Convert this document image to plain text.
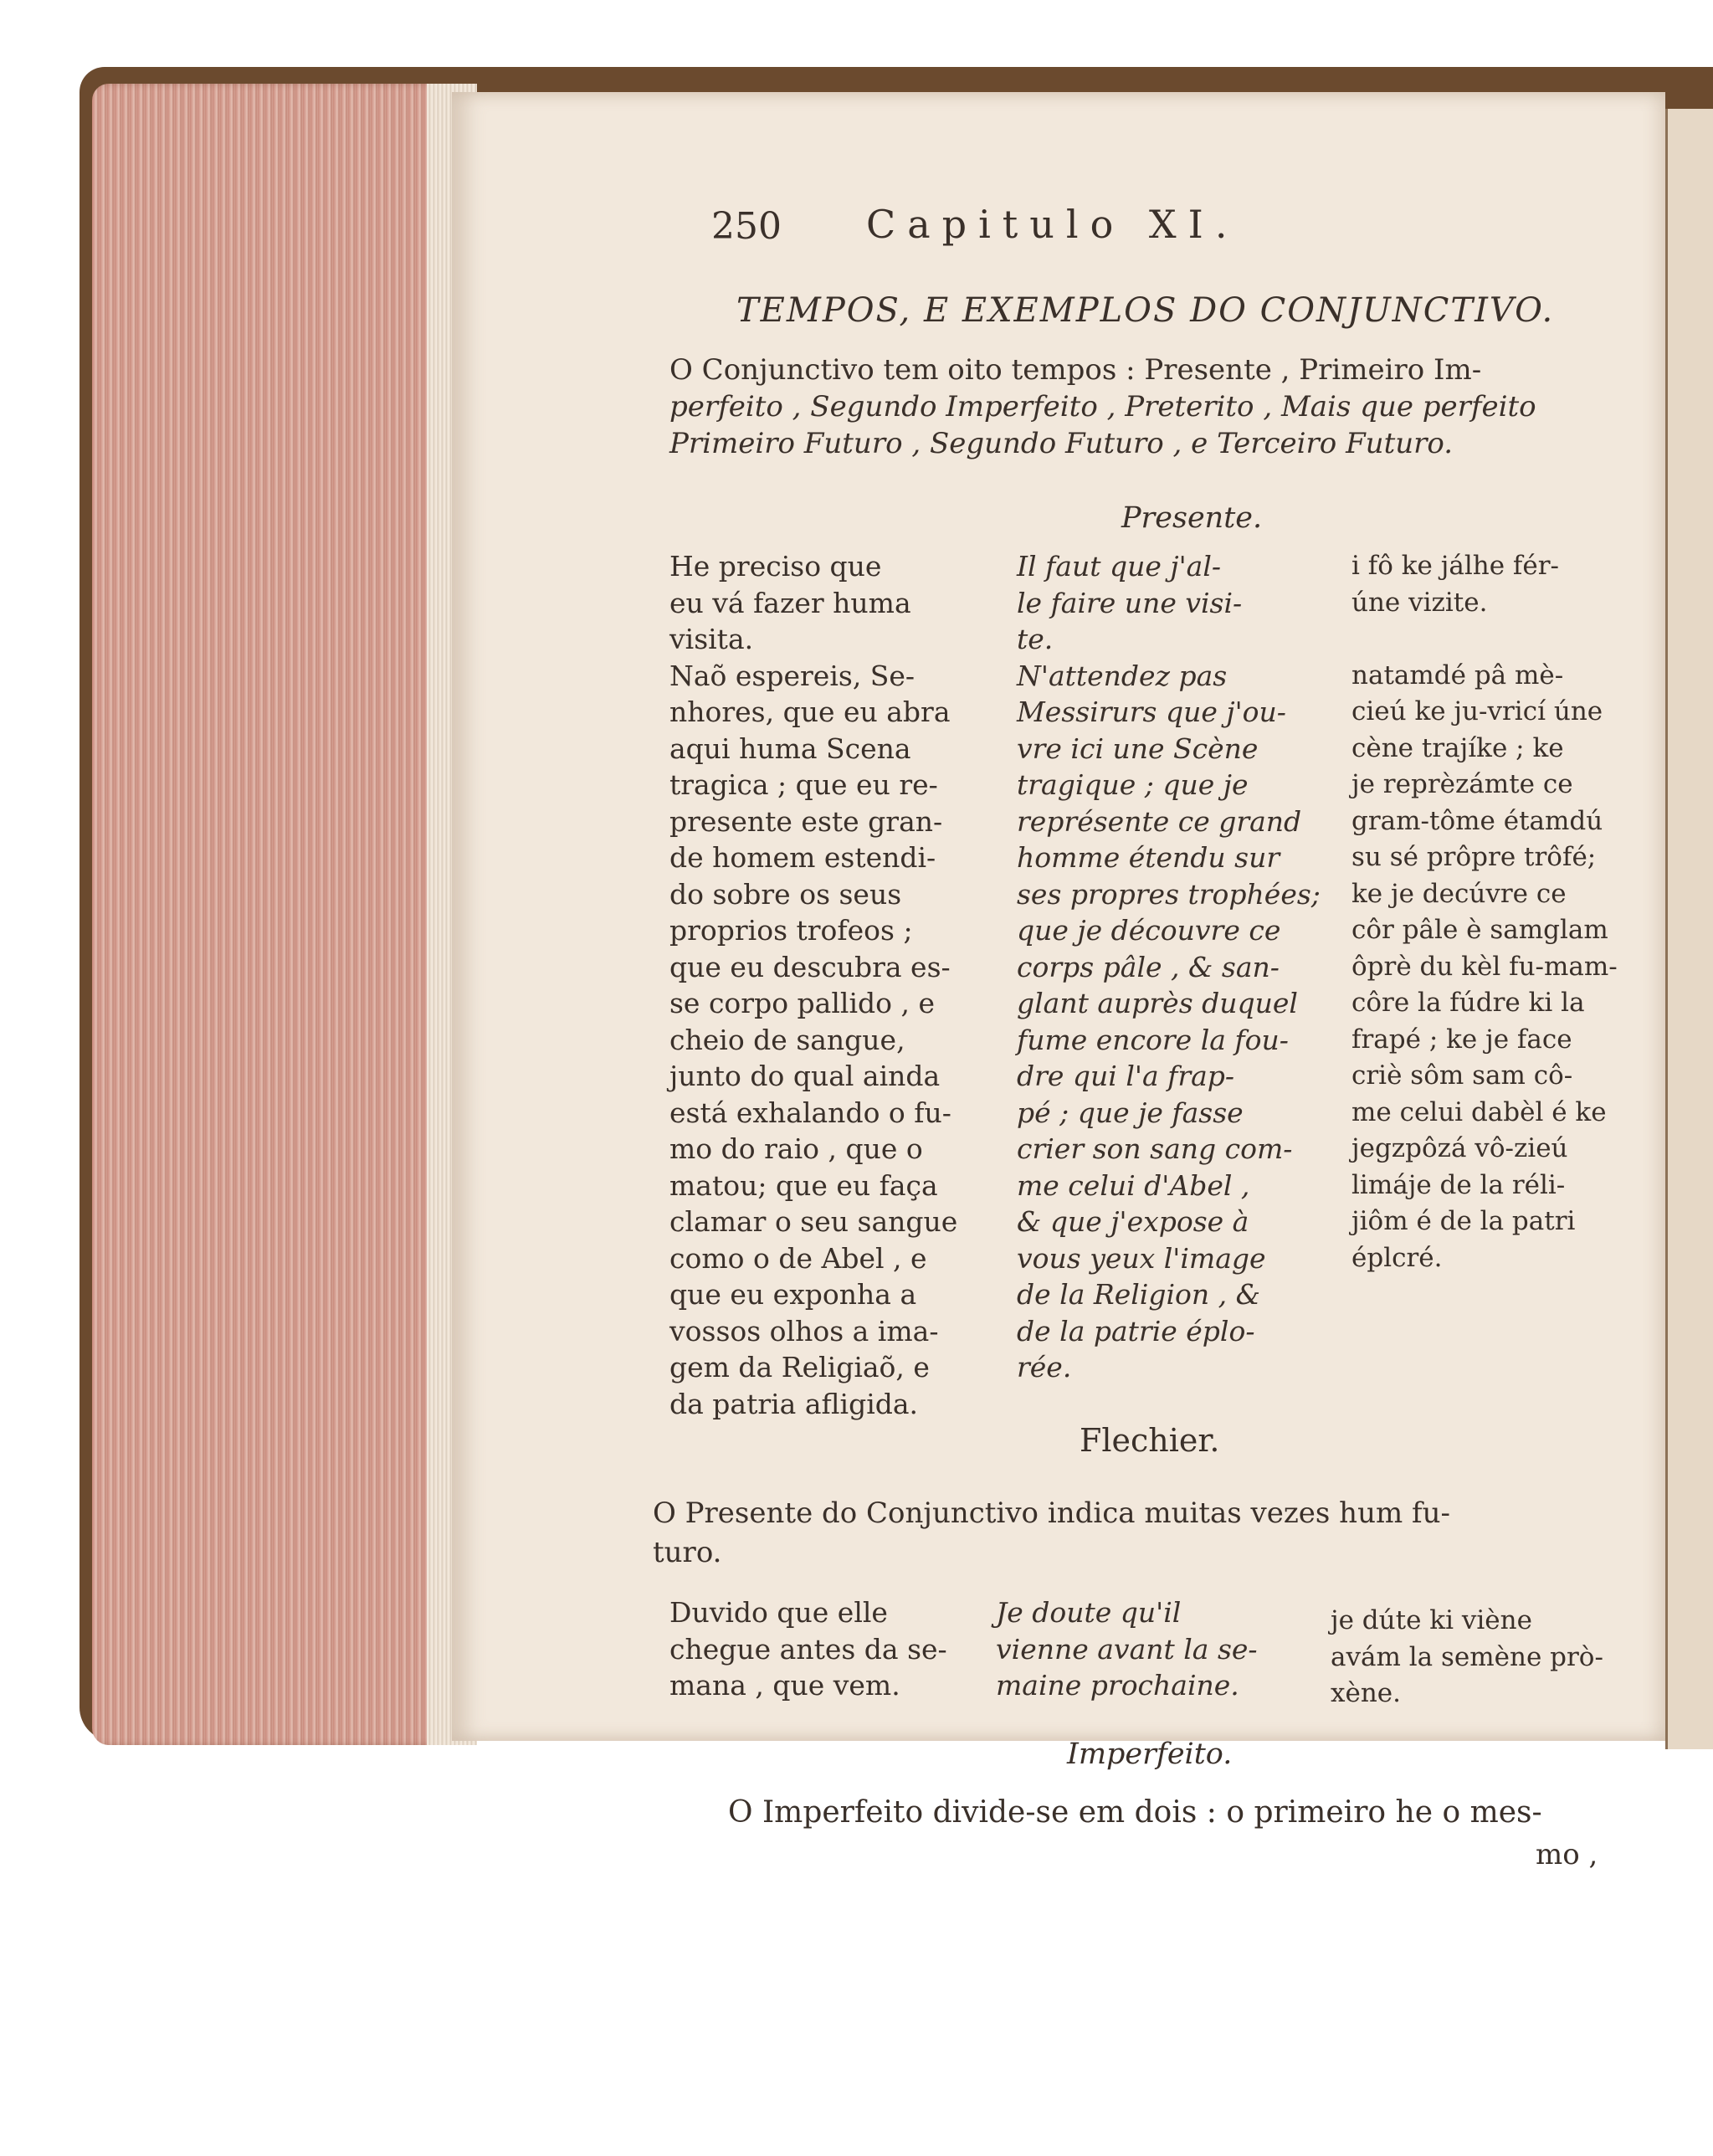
250 Capitulo XI.
TEMPOS, E EXEMPLOS DO CONJUNCTIVO.
O Conjunctivo tem oito tempos : Presente , Primeiro Im-
perfeito , Segundo Imperfeito , Preterito , Mais que perfeito
Primeiro Futuro , Segundo Futuro , e Terceiro Futuro.
Presente.
He preciso que
eu vá fazer huma
visita.
Naõ espereis, Se-
nhores, que eu abra
aqui huma Scena
tragica ; que eu re-
presente este gran-
de homem estendi-
do sobre os seus
proprios trofeos ;
que eu descubra es-
se corpo pallido , e
cheio de sangue,
junto do qual ainda
está exhalando o fu-
mo do raio , que o
matou; que eu faça
clamar o seu sangue
como o de Abel , e
que eu exponha a
vossos olhos a ima-
gem da Religiaõ, e
da patria afligida.
Il faut que j'al-
le faire une visi-
te.
N'attendez pas
Messirurs que j'ou-
vre ici une Scène
tragique ; que je
représente ce grand
homme étendu sur
ses propres trophées;
que je découvre ce
corps pâle , & san-
glant auprès duquel
fume encore la fou-
dre qui l'a frap-
pé ; que je fasse
crier son sang com-
me celui d'Abel ,
& que j'expose à
vous yeux l'image
de la Religion , &
de la patrie éplo-
rée.
i fô ke jálhe fér-
úne vizite.

natamdé pâ mè-
cieú ke ju-vricí úne
cène trajíke ; ke
je reprèzámte ce
gram-tôme étamdú
su sé prôpre trôfé;
ke je decúvre ce
côr pâle è samglam
ôprè du kèl fu-mam-
côre la fúdre ki la
frapé ; ke je face
criè sôm sam cô-
me celui dabèl é ke
jegzpôzá vô-zieú
limáje de la réli-
jiôm é de la patri
éplcré.
Flechier.
O Presente do Conjunctivo indica muitas vezes hum fu-
turo.
Duvido que elle
chegue antes da se-
mana , que vem.
Je doute qu'il
vienne avant la se-
maine prochaine.
je dúte ki viène
avám la semène prò-
xène.
Imperfeito.
O Imperfeito divide-se em dois : o primeiro he o mes-
mo ,
